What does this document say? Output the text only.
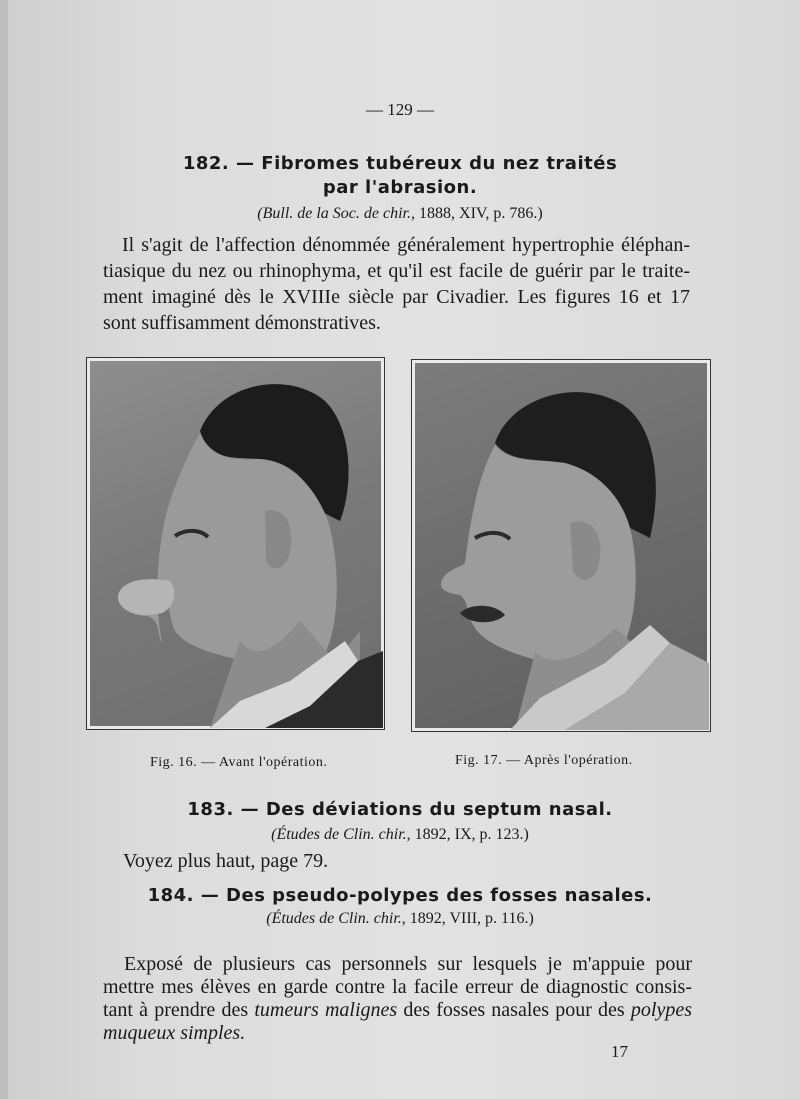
— 129 —
182. — Fibromes tubéreux du nez traités
par l'abrasion.
(Bull. de la Soc. de chir., 1888, XIV, p. 786.)
Il s'agit de l'affection dénommée généralement hypertrophie éléphan-
tiasique du nez ou rhinophyma, et qu'il est facile de guérir par le traite-
ment imaginé dès le XVIIIe siècle par Civadier. Les figures 16 et 17
sont suffisamment démonstratives.
Fig. 16. — Avant l'opération.	Fig. 17. — Après l'opération.
183. — Des déviations du septum nasal.
(Études de Clin. chir., 1892, IX, p. 123.)
Voyez plus haut, page 79.
184. — Des pseudo-polypes des fosses nasales.
(Études de Clin. chir., 1892, VIII, p. 116.)
Exposé de plusieurs cas personnels sur lesquels je m'appuie pour
mettre mes élèves en garde contre la facile erreur de diagnostic consis-
tant à prendre des tumeurs malignes des fosses nasales pour des polypes
muqueux simples.
17
